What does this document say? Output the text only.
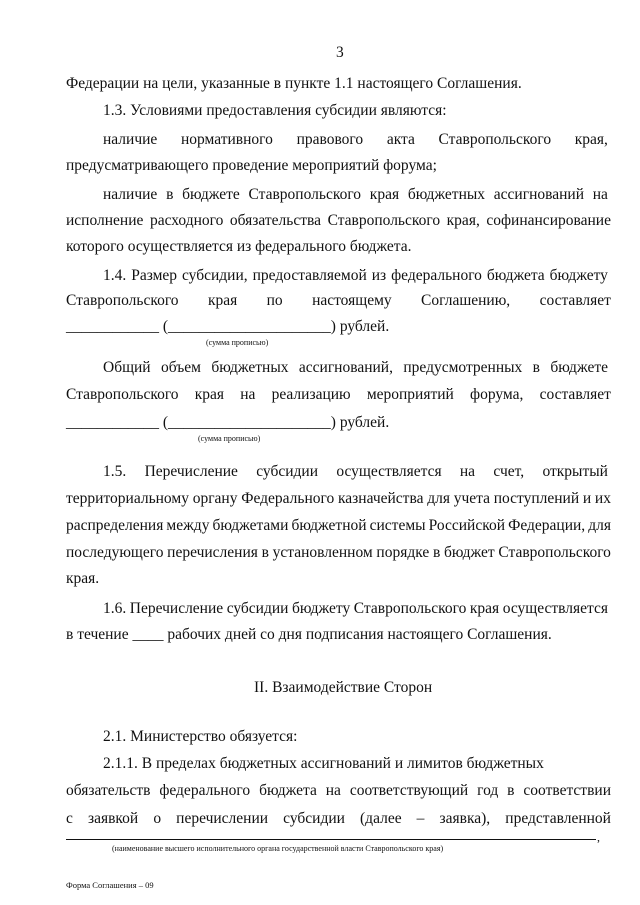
3
Федерации на цели, указанные в пункте 1.1 настоящего Соглашения.
1.3. Условиями предоставления субсидии являются:
наличие нормативного правового акта Ставропольского края,
предусматривающего проведение мероприятий форума;
наличие в бюджете Ставропольского края бюджетных ассигнований на
исполнение расходного обязательства Ставропольского края, софинансирование
которого осуществляется из федерального бюджета.
1.4. Размер субсидии, предоставляемой из федерального бюджета бюджету
Ставропольского края по настоящему Соглашению, составляет
____________ (_____________________) рублей.
Общий объем бюджетных ассигнований, предусмотренных в бюджете
Ставропольского края на реализацию мероприятий форума, составляет
____________ (_____________________) рублей.
1.5. Перечисление субсидии осуществляется на счет, открытый
территориальному органу Федерального казначейства для учета поступлений и их
распределения между бюджетами бюджетной системы Российской Федерации, для
последующего перечисления в установленном порядке в бюджет Ставропольского
края.
1.6. Перечисление субсидии бюджету Ставропольского края осуществляется
в течение ____ рабочих дней со дня подписания настоящего Соглашения.
II. Взаимодействие Сторон
2.1. Министерство обязуется:
2.1.1. В пределах бюджетных ассигнований и лимитов бюджетных
обязательств федерального бюджета на соответствующий год в соответствии
с заявкой о перечислении субсидии (далее – заявка), представленной
(сумма прописью)
(сумма прописью)
,
(наименование высшего исполнительного органа государственной власти Ставропольского края)
Форма Соглашения – 09
